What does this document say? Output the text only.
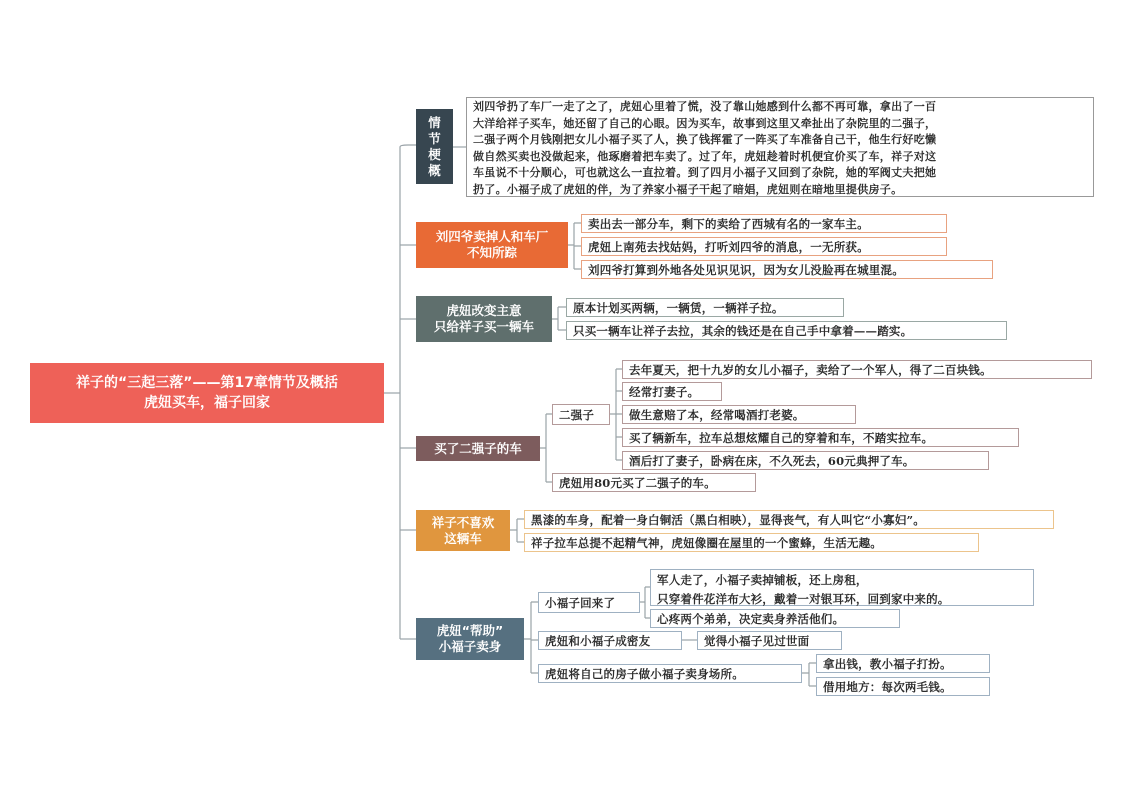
祥子的“三起三落”——第17章情节及概括
虎妞买车，福子回家
情
节
梗
概
刘四爷扔了车厂一走了之了，虎妞心里着了慌，没了靠山她感到什么都不再可靠，拿出了一百
大洋给祥子买车，她还留了自己的心眼。因为买车，故事到这里又牵扯出了杂院里的二强子，
二强子两个月钱刚把女儿小福子买了人，换了钱挥霍了一阵买了车准备自己干，他生行好吃懒
做自然买卖也没做起来，他琢磨着把车卖了。过了年，虎妞趁着时机便宜价买了车，祥子对这
车虽说不十分顺心，可也就这么一直拉着。到了四月小福子又回到了杂院，她的军阀丈夫把她
扔了。小福子成了虎妞的伴，为了养家小福子干起了暗娼，虎妞则在暗地里提供房子。
刘四爷卖掉人和车厂
不知所踪
卖出去一部分车，剩下的卖给了西城有名的一家车主。
虎妞上南苑去找姑妈，打听刘四爷的消息，一无所获。
刘四爷打算到外地各处见识见识，因为女儿没脸再在城里混。
虎妞改变主意
只给祥子买一辆车
原本计划买两辆，一辆赁，一辆祥子拉。
只买一辆车让祥子去拉，其余的钱还是在自己手中拿着——踏实。
买了二强子的车
二强子
去年夏天，把十九岁的女儿小福子，卖给了一个军人，得了二百块钱。
经常打妻子。
做生意赔了本，经常喝酒打老婆。
买了辆新车，拉车总想炫耀自己的穿着和车，不踏实拉车。
酒后打了妻子，卧病在床，不久死去，60元典押了车。
虎妞用80元买了二强子的车。
祥子不喜欢
这辆车
黑漆的车身，配着一身白铜活（黑白相映），显得丧气，有人叫它“小寡妇”。
祥子拉车总提不起精气神，虎妞像圈在屋里的一个蜜蜂，生活无趣。
虎妞“帮助”
小福子卖身
小福子回来了
军人走了，小福子卖掉铺板，还上房租，
只穿着件花洋布大衫，戴着一对银耳环，回到家中来的。
心疼两个弟弟，决定卖身养活他们。
虎妞和小福子成密友	觉得小福子见过世面
虎妞将自己的房子做小福子卖身场所。
拿出钱，教小福子打扮。
借用地方：每次两毛钱。
